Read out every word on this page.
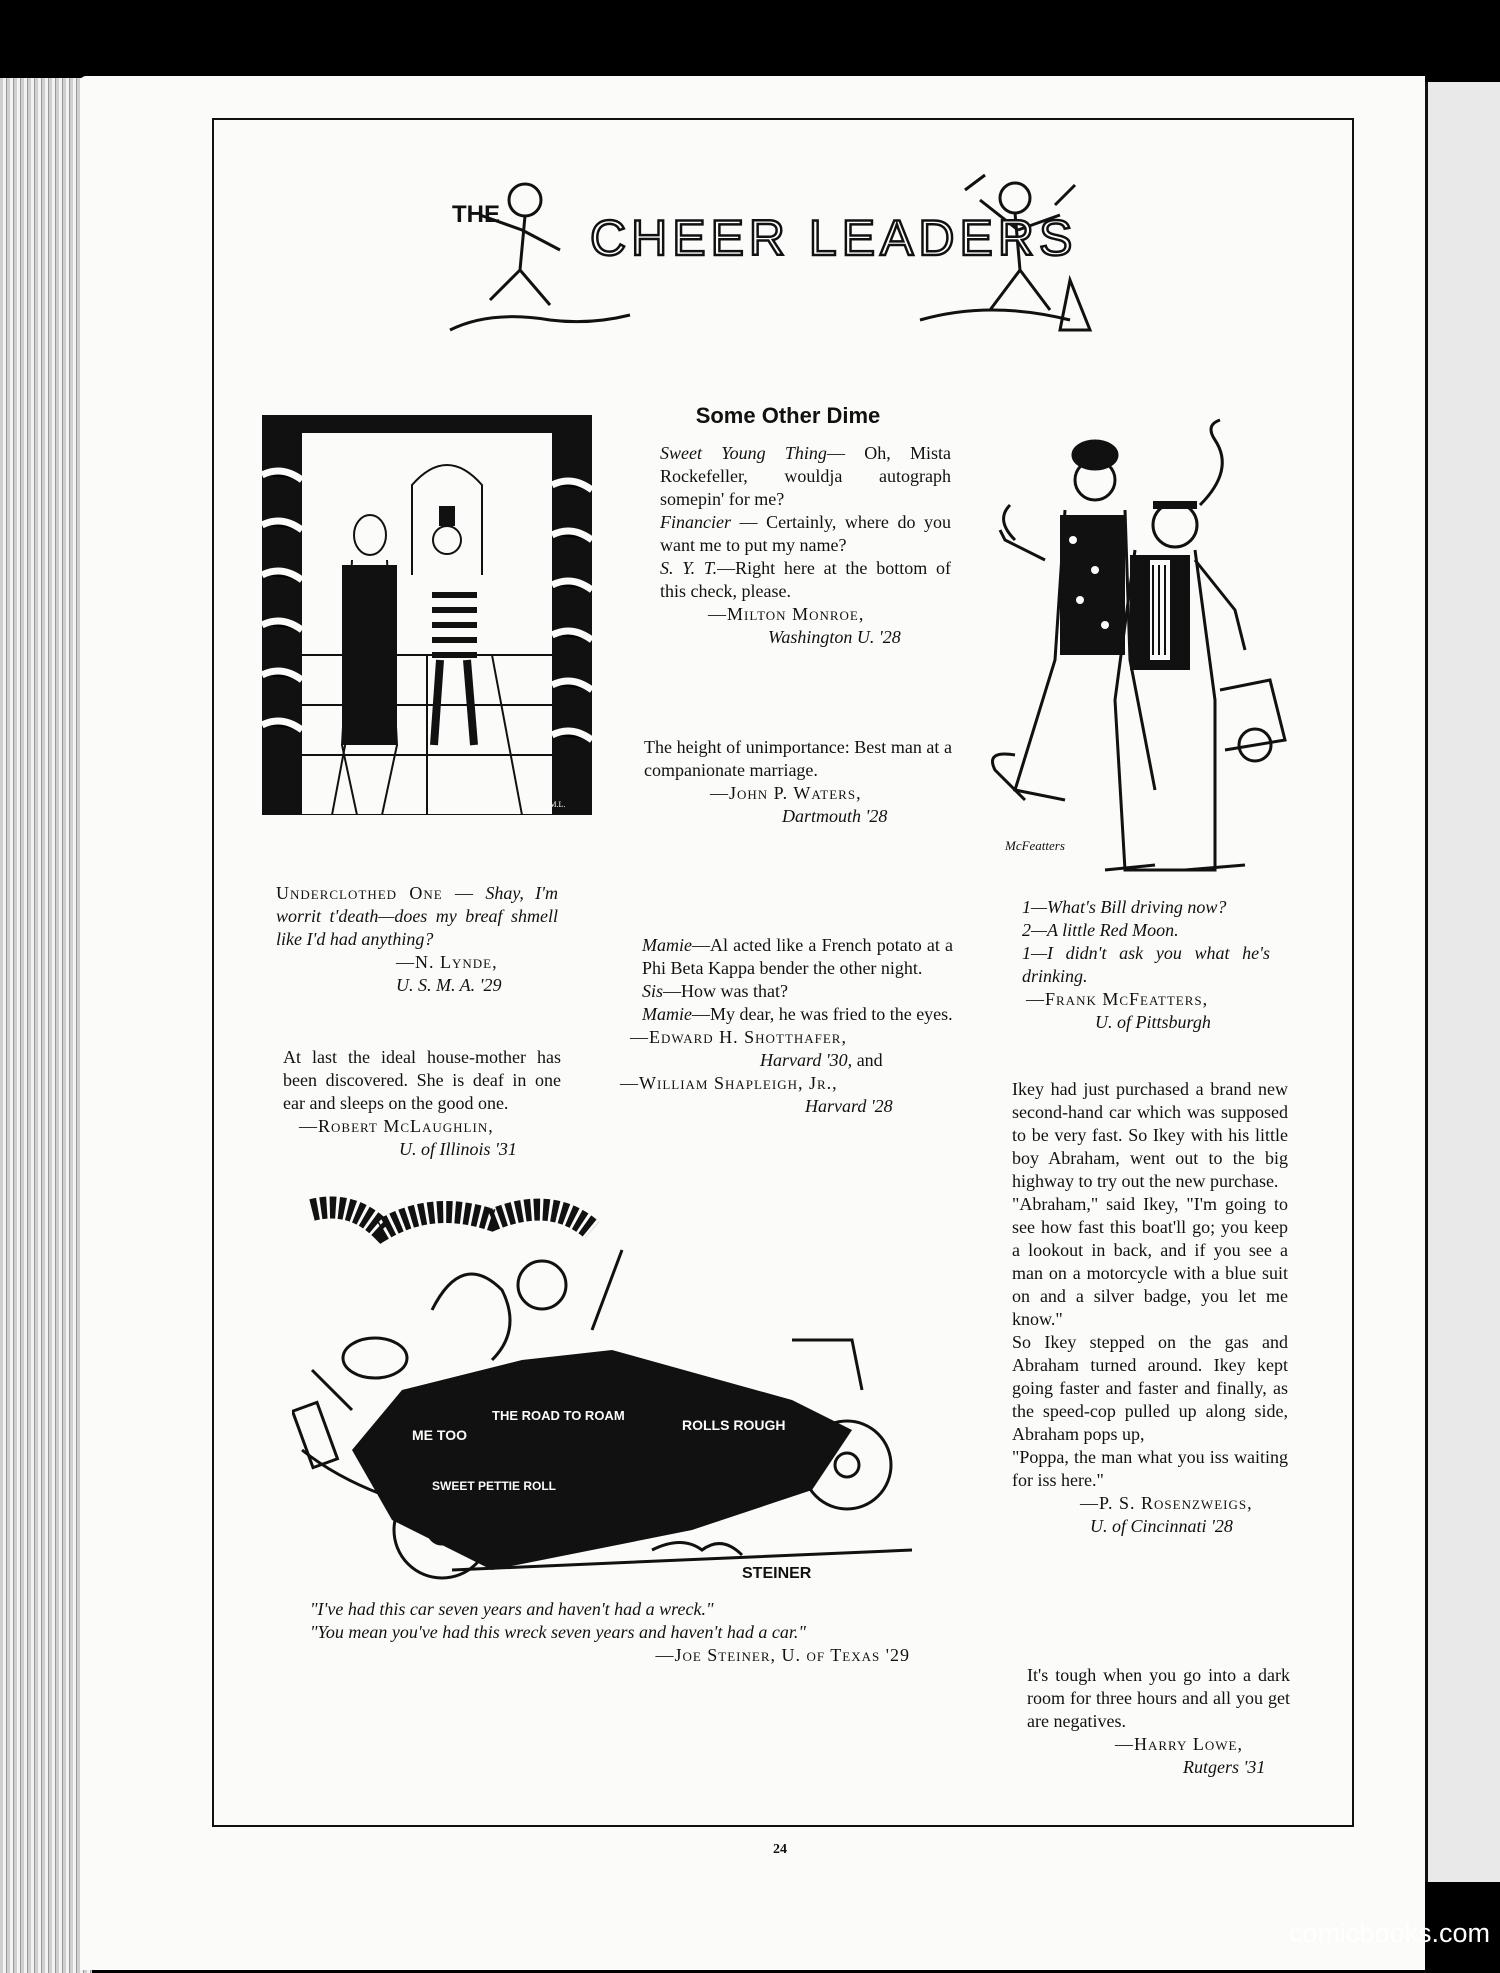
THE CHEER LEADERS
B.M.L.
Some Other Dime

Sweet Young Thing— Oh, Mista Rockefeller, wouldja autograph somepin' for me?

Financier — Certainly, where do you want me to put my name?

S. Y. T.—Right here at the bottom of this check, please.

—Milton Monroe,

Washington U. '28

The height of unimportance: Best man at a companionate marriage.

—John P. Waters,

Dartmouth '28

McFeatters

Underclothed One — Shay, I'm worrit t'death—does my breaf shmell like I'd had anything?

—N. Lynde,

U. S. M. A. '29

At last the ideal house-mother has been discovered. She is deaf in one ear and sleeps on the good one.

—Robert McLaughlin,

U. of Illinois '31

Mamie—Al acted like a French potato at a Phi Beta Kappa bender the other night.

Sis—How was that?

Mamie—My dear, he was fried to the eyes.

—Edward H. Shotthafer,

Harvard '30, and

—William Shapleigh, Jr.,

Harvard '28

1—What's Bill driving now?

2—A little Red Moon.

1—I didn't ask you what he's drinking.

—Frank McFeatters,

U. of Pittsburgh

Ikey had just purchased a brand new second-hand car which was supposed to be very fast. So Ikey with his little boy Abraham, went out to the big highway to try out the new purchase.

"Abraham," said Ikey, "I'm going to see how fast this boat'll go; you keep a lookout in back, and if you see a man on a motorcycle with a blue suit on and a silver badge, you let me know."

So Ikey stepped on the gas and Abraham turned around. Ikey kept going faster and faster and finally, as the speed-cop pulled up along side, Abraham pops up,

"Poppa, the man what you iss waiting for iss here."

—P. S. Rosenzweigs,

U. of Cincinnati '28

It's tough when you go into a dark room for three hours and all you get are negatives.

—Harry Lowe,

Rutgers '31

ME TOO
THE ROAD TO ROAM
ROLLS ROUGH
SWEET PETTIE ROLL
STEINER

"I've had this car seven years and haven't had a wreck."

"You mean you've had this wreck seven years and haven't had a car."

—Joe Steiner, U. of Texas '29

24
comicbooks.com
